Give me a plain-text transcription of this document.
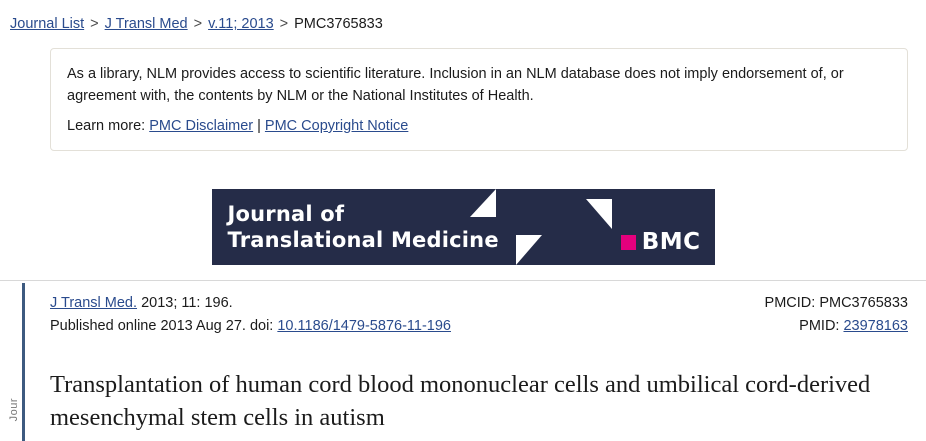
Journal List > J Transl Med > v.11; 2013 > PMC3765833

As a library, NLM provides access to scientific literature. Inclusion in an NLM database does not imply endorsement of, or agreement with, the contents by NLM or the National Institutes of Health.

Learn more: PMC Disclaimer | PMC Copyright Notice
Journal of
Translational Medicine	BMC
Jour
J Transl Med. 2013; 11: 196.
Published online 2013 Aug 27. doi: 10.1186/1479-5876-11-196
PMCID: PMC3765833
PMID: 23978163
Transplantation of human cord blood mononuclear cells and umbilical cord-derived mesenchymal stem cells in autism
